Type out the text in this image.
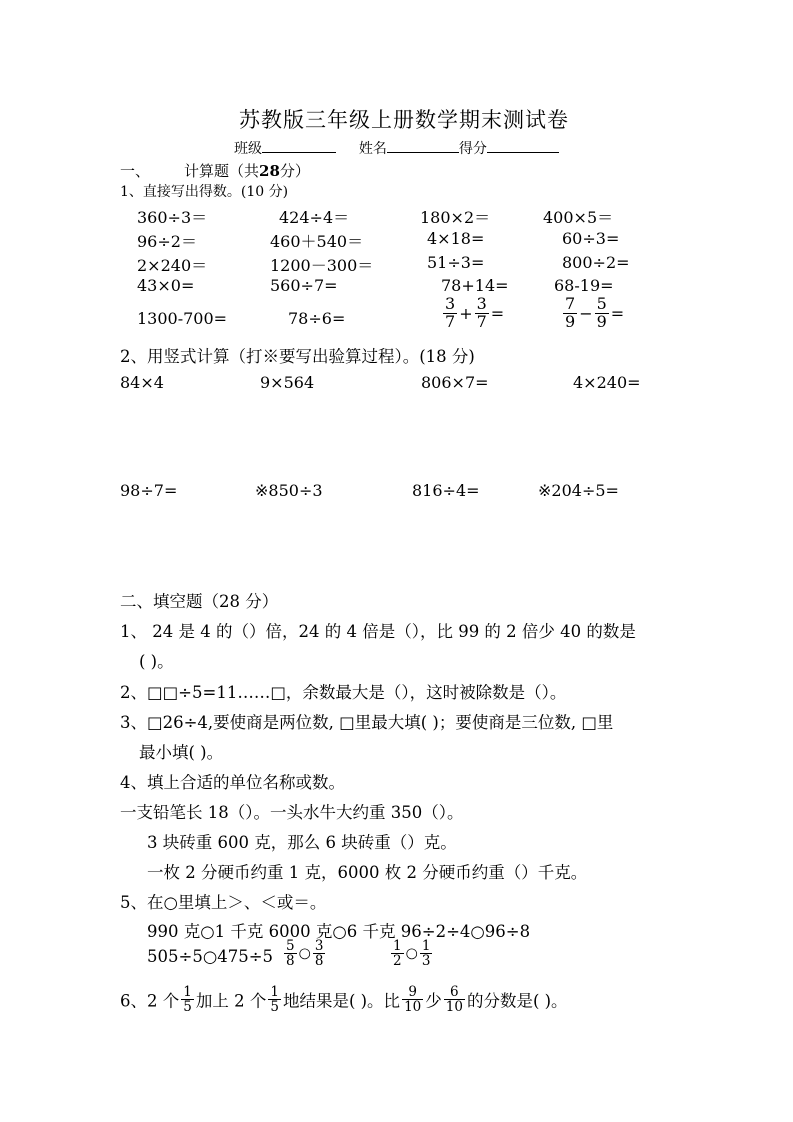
苏教版三年级上册数学期末测试卷
班级	姓名	得分
一、 计算题（共28分）
1、直接写出得数。(10 分)
360÷3＝	424÷4＝	180×2＝	400×5＝
96÷2＝	460＋540＝	4×18=	60÷3=
2×240＝	1200－300＝	51÷3=	800÷2=
43×0=	560÷7=	78+14=	68-19=
1300-700=	78÷6=	$\frac{3}{7} + \frac{3}{7}$ =	$\frac{7}{9} - \frac{5}{9}$ =
2、用竖式计算（打※要写出验算过程）。(18 分)
84×4	9×564	806×7=	4×240=
98÷7=	※850÷3	816÷4=	※204÷5=
二、填空题（28 分）
1、 24 是 4 的（）倍，24 的 4 倍是（），比 99 的 2 倍少 40 的数是
( )。
2、□□÷5=11……□，余数最大是（），这时被除数是（）。
3、□26÷4,要使商是两位数, □里最大填( )；要使商是三位数, □里
最小填( )。
4、填上合适的单位名称或数。
一支铅笔长 18（）。一头水牛大约重 350（）。
3 块砖重 600 克，那么 6 块砖重（）克。
一枚 2 分硬币约重 1 克，6000 枚 2 分硬币约重（）千克。
5、在○里填上＞、＜或＝。
990 克○1 千克 6000 克○6 千克 96÷2÷4○96÷8
505÷5○475÷5 $\frac{5}{8}$ ○ $\frac{3}{8}$	$\frac{1}{2}$ ○ $\frac{1}{3}$
6、2 个 $\frac{1}{5}$ 加上 2 个 $\frac{1}{5}$ 地结果是( )。比 $\frac{9}{10}$ 少 $\frac{6}{10}$ 的分数是( )。
